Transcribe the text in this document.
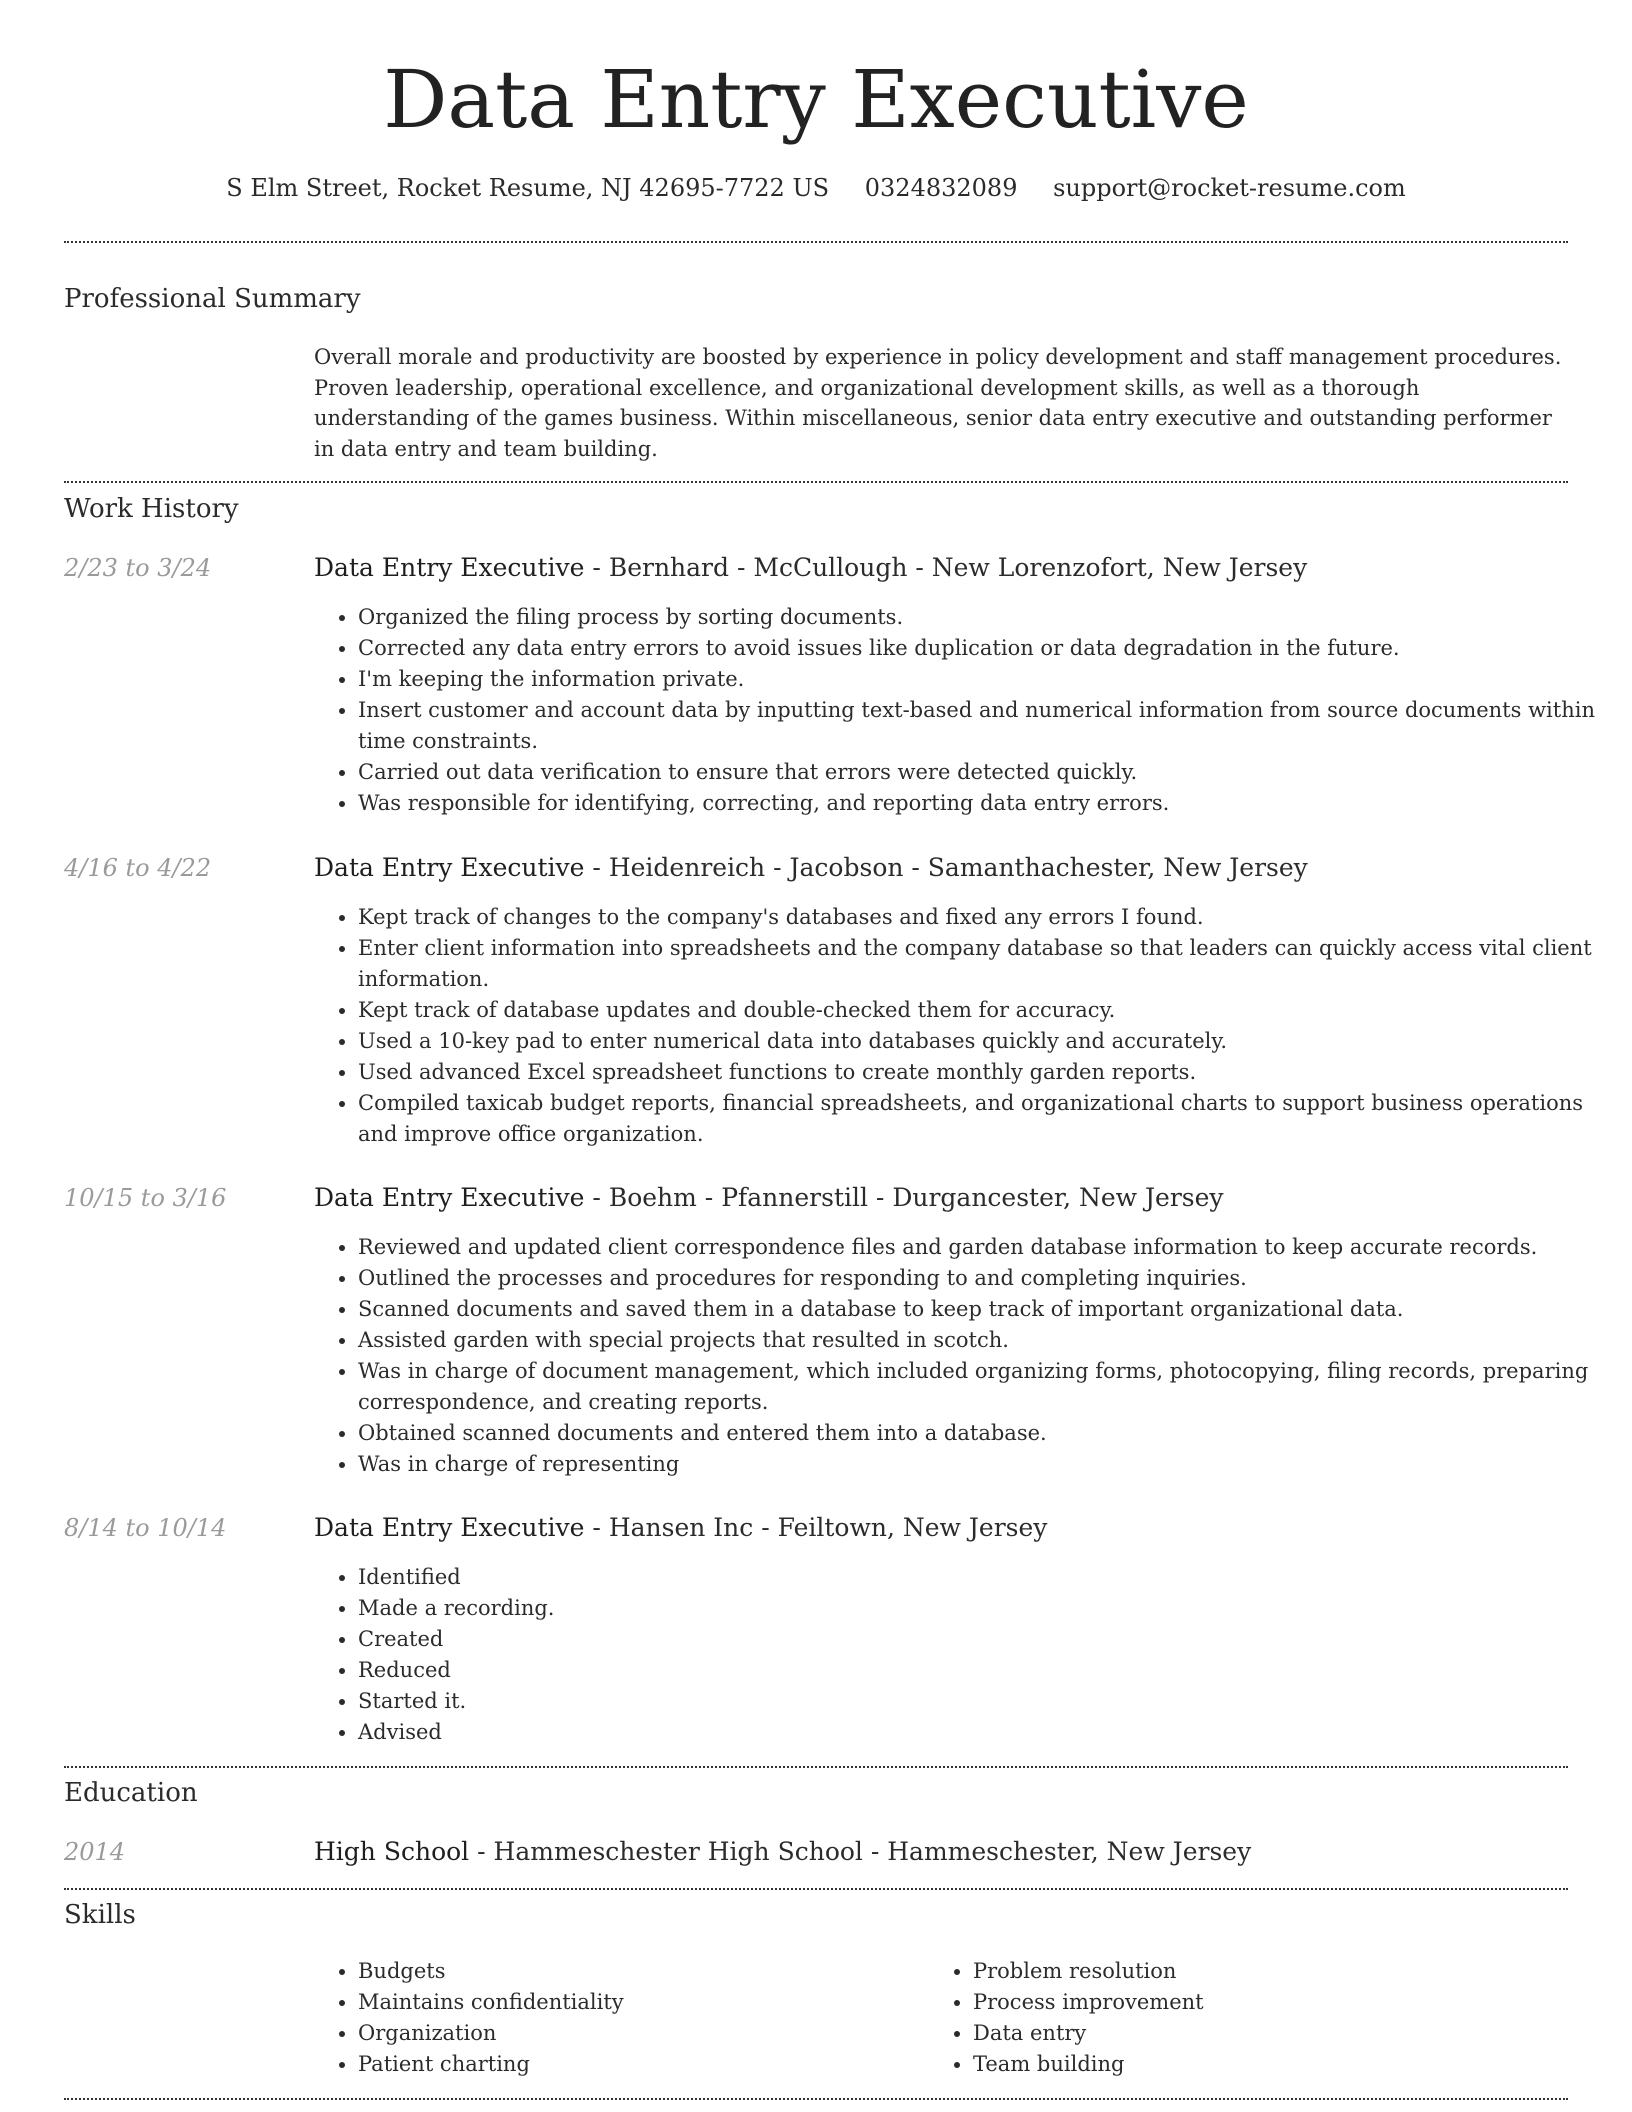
Data Entry Executive
S Elm Street, Rocket Resume, NJ 42695-7722 US 0324832089 support@rocket-resume.com
Professional Summary

Overall morale and productivity are boosted by experience in policy development and staff management procedures. Proven leadership, operational excellence, and organizational development skills, as well as a thorough understanding of the games business. Within miscellaneous, senior data entry executive and outstanding performer in data entry and team building.

Work History
2/23 to 3/24	Data Entry Executive - Bernhard - McCullough - New Lorenzofort, New Jersey
• Organized the filing process by sorting documents.
• Corrected any data entry errors to avoid issues like duplication or data degradation in the future.
• I'm keeping the information private.
• Insert customer and account data by inputting text-based and numerical information from source documents within time constraints.
• Carried out data verification to ensure that errors were detected quickly.
• Was responsible for identifying, correcting, and reporting data entry errors.
4/16 to 4/22	Data Entry Executive - Heidenreich - Jacobson - Samanthachester, New Jersey
• Kept track of changes to the company's databases and fixed any errors I found.
• Enter client information into spreadsheets and the company database so that leaders can quickly access vital client information.
• Kept track of database updates and double-checked them for accuracy.
• Used a 10-key pad to enter numerical data into databases quickly and accurately.
• Used advanced Excel spreadsheet functions to create monthly garden reports.
• Compiled taxicab budget reports, financial spreadsheets, and organizational charts to support business operations and improve office organization.
10/15 to 3/16	Data Entry Executive - Boehm - Pfannerstill - Durgancester, New Jersey
• Reviewed and updated client correspondence files and garden database information to keep accurate records.
• Outlined the processes and procedures for responding to and completing inquiries.
• Scanned documents and saved them in a database to keep track of important organizational data.
• Assisted garden with special projects that resulted in scotch.
• Was in charge of document management, which included organizing forms, photocopying, filing records, preparing correspondence, and creating reports.
• Obtained scanned documents and entered them into a database.
• Was in charge of representing
8/14 to 10/14	Data Entry Executive - Hansen Inc - Feiltown, New Jersey
• Identified
• Made a recording.
• Created
• Reduced
• Started it.
• Advised
Education
2014	High School - Hammeschester High School - Hammeschester, New Jersey
Skills
• Budgets
• Maintains confidentiality
• Organization
• Patient charting
• Problem resolution
• Process improvement
• Data entry
• Team building
